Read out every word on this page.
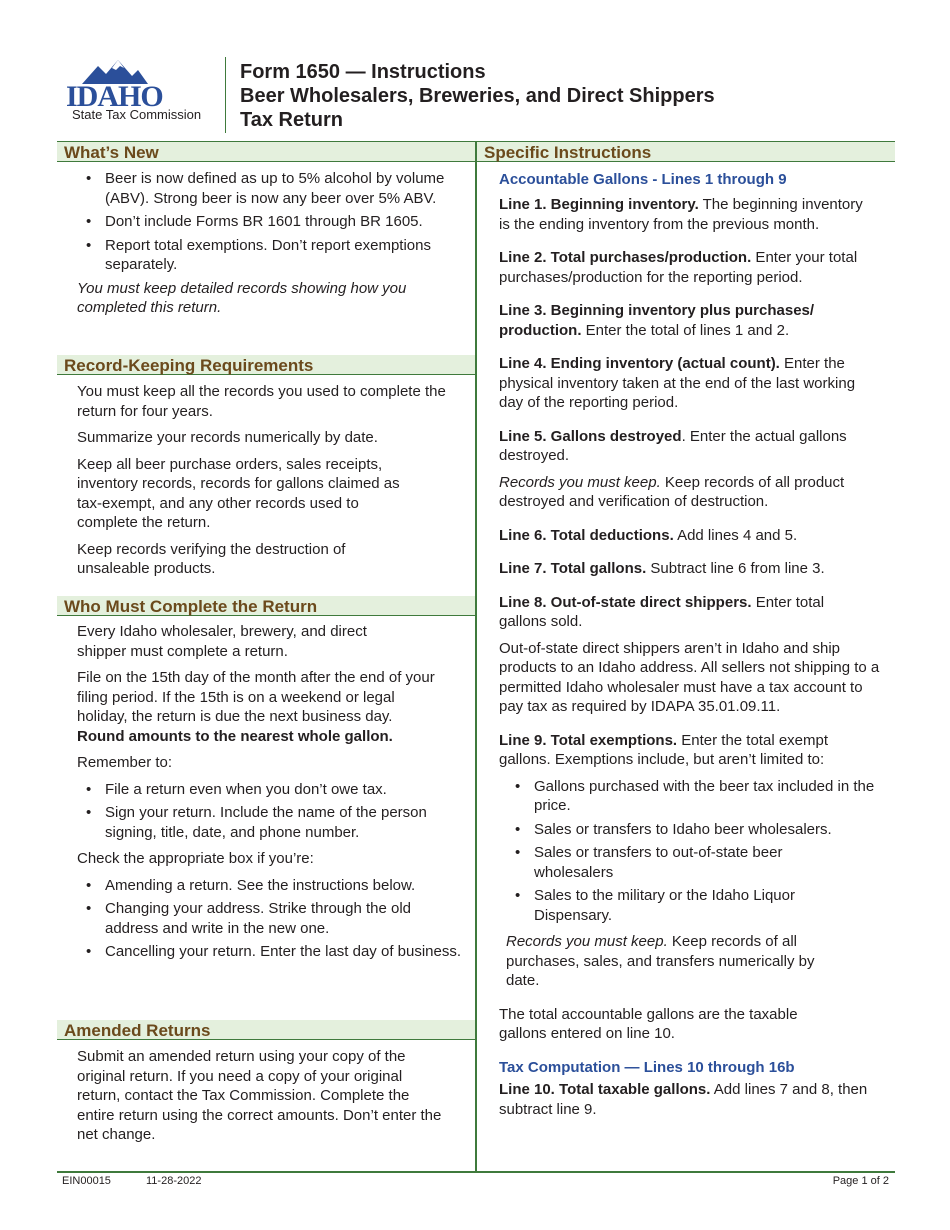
IDAHO
State Tax Commission
Form 1650 — Instructions
Beer Wholesalers, Breweries, and Direct Shippers
Tax Return
What’s New
• Beer is now defined as up to 5% alcohol by volume (ABV). Strong beer is now any beer over 5% ABV.
• Don’t include Forms BR 1601 through BR 1605.
• Report total exemptions. Don’t report exemptions separately.

You must keep detailed records showing how you completed this return.

Record-Keeping Requirements

You must keep all the records you used to complete the return for four years.

Summarize your records numerically by date.

Keep all beer purchase orders, sales receipts, inventory records, records for gallons claimed as tax-exempt, and any other records used to complete the return.

Keep records verifying the destruction of unsaleable products.

Who Must Complete the Return

Every Idaho wholesaler, brewery, and direct shipper must complete a return.

File on the 15th day of the month after the end of your filing period. If the 15th is on a weekend or legal holiday, the return is due the next business day. Round amounts to the nearest whole gallon.

Remember to:

• File a return even when you don’t owe tax.
• Sign your return. Include the name of the person signing, title, date, and phone number.

Check the appropriate box if you’re:

• Amending a return. See the instructions below.
• Changing your address. Strike through the old address and write in the new one.
• Cancelling your return. Enter the last day of business.
Amended Returns
Submit an amended return using your copy of the original return. If you need a copy of your original return, contact the Tax Commission. Complete the entire return using the correct amounts. Don’t enter the net change.
Specific Instructions
Accountable Gallons - Lines 1 through 9

Line 1. Beginning inventory. The beginning inventory is the ending inventory from the previous month.

Line 2. Total purchases/production. Enter your total purchases/production for the reporting period.

Line 3. Beginning inventory plus purchases/ production. Enter the total of lines 1 and 2.

Line 4. Ending inventory (actual count). Enter the physical inventory taken at the end of the last working day of the reporting period.

Line 5. Gallons destroyed. Enter the actual gallons destroyed.

Records you must keep. Keep records of all product destroyed and verification of destruction.

Line 6. Total deductions. Add lines 4 and 5.

Line 7. Total gallons. Subtract line 6 from line 3.

Line 8. Out-of-state direct shippers. Enter total gallons sold.

Out-of-state direct shippers aren’t in Idaho and ship products to an Idaho address. All sellers not shipping to a permitted Idaho wholesaler must have a tax account to pay tax as required by IDAPA 35.01.09.11.

Line 9. Total exemptions. Enter the total exempt gallons. Exemptions include, but aren’t limited to:

• Gallons purchased with the beer tax included in the price.
• Sales or transfers to Idaho beer wholesalers.
• Sales or transfers to out-of-state beer wholesalers
• Sales to the military or the Idaho Liquor Dispensary.

Records you must keep. Keep records of all purchases, sales, and transfers numerically by date.

The total accountable gallons are the taxable gallons entered on line 10.

Tax Computation — Lines 10 through 16b

Line 10. Total taxable gallons. Add lines 7 and 8, then subtract line 9.

EIN00015	11-28-2022	Page 1 of 2
